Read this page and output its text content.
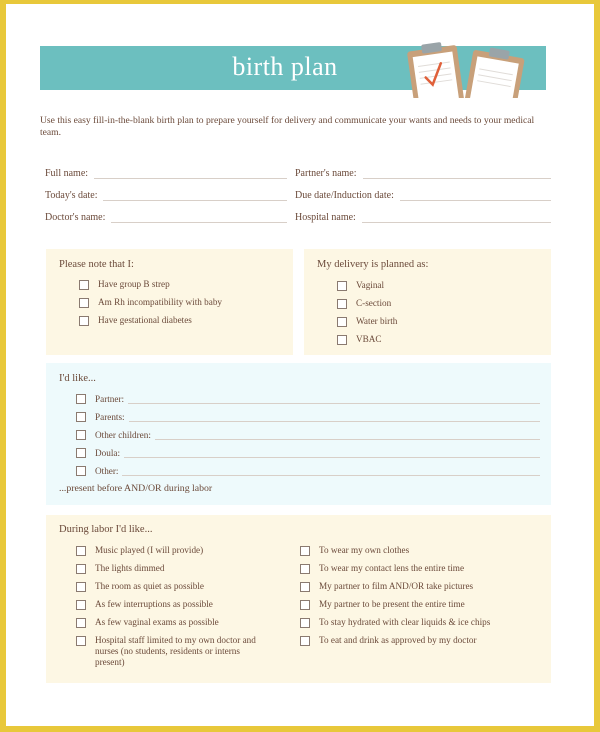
birth plan
Use this easy fill-in-the-blank birth plan to prepare yourself for delivery and communicate your wants and needs to your medical team.
Full name:	Partner's name:
Today's date:	Due date/Induction date:
Doctor's name:	Hospital name:
Please note that I:
Have group B strep
Am Rh incompatibility with baby
Have gestational diabetes
My delivery is planned as:
Vaginal
C-section
Water birth
VBAC
I'd like...
Partner:
Parents:
Other children:
Doula:
Other:
...present before AND/OR during labor
During labor I'd like...
Music played (I will provide)
The lights dimmed
The room as quiet as possible
As few interruptions as possible
As few vaginal exams as possible
Hospital staff limited to my own doctor and nurses (no students, residents or interns present)
To wear my own clothes
To wear my contact lens the entire time
My partner to film AND/OR take pictures
My partner to be present the entire time
To stay hydrated with clear liquids & ice chips
To eat and drink as approved by my doctor
